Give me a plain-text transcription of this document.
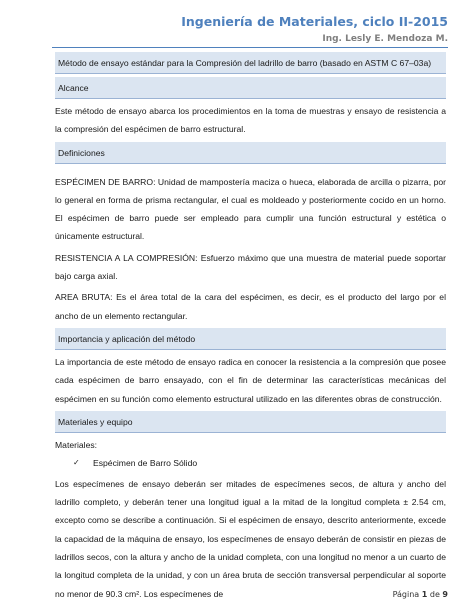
Ingeniería de Materiales, ciclo II-2015
Ing. Lesly E. Mendoza M.
Método de ensayo estándar para la Compresión del ladrillo de barro (basado en ASTM C 67–03a)
Alcance

Este método de ensayo abarca los procedimientos en la toma de muestras y ensayo de resistencia a la compresión del espécimen de barro estructural.

Definiciones

ESPÉCIMEN DE BARRO: Unidad de mampostería maciza o hueca, elaborada de arcilla o pizarra, por lo general en forma de prisma rectangular, el cual es moldeado y posteriormente cocido en un horno. El espécimen de barro puede ser empleado para cumplir una función estructural y estética o únicamente estructural.

RESISTENCIA A LA COMPRESIÓN: Esfuerzo máximo que una muestra de material puede soportar bajo carga axial.

AREA BRUTA: Es el área total de la cara del espécimen, es decir, es el producto del largo por el ancho de un elemento rectangular.

Importancia y aplicación del método

La importancia de este método de ensayo radica en conocer la resistencia a la compresión que posee cada espécimen de barro ensayado, con el fin de determinar las características mecánicas del espécimen en su función como elemento estructural utilizado en las diferentes obras de construcción.

Materiales y equipo

Materiales:

✓	Espécimen de Barro Sólido

Los especímenes de ensayo deberán ser mitades de especímenes secos, de altura y ancho del ladrillo completo, y deberán tener una longitud igual a la mitad de la longitud completa ± 2.54 cm, excepto como se describe a continuación. Si el espécimen de ensayo, descrito anteriormente, excede la capacidad de la máquina de ensayo, los especímenes de ensayo deberán de consistir en piezas de ladrillos secos, con la altura y ancho de la unidad completa, con una longitud no menor a un cuarto de la longitud completa de la unidad, y con un área bruta de sección transversal perpendicular al soporte no menor de 90.3 cm². Los especímenes de	Página 1 de 9
